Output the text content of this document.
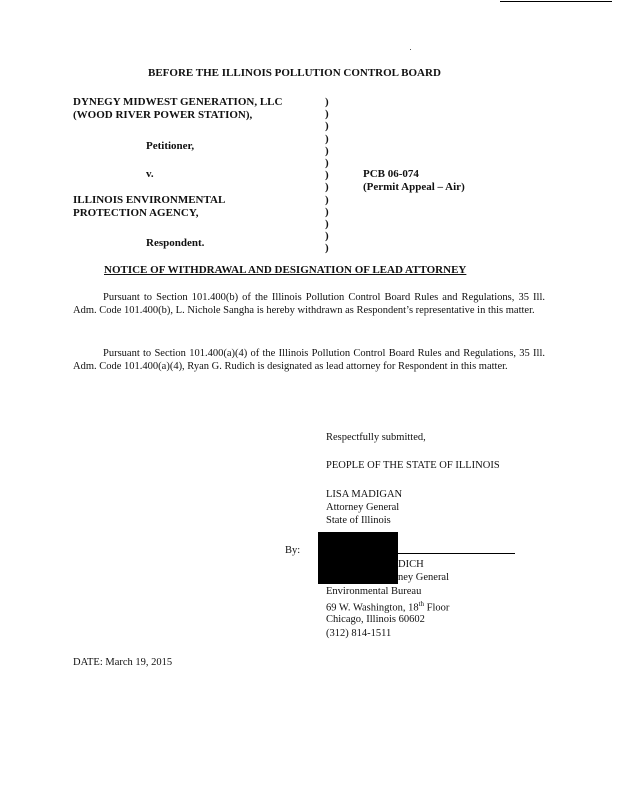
BEFORE THE ILLINOIS POLLUTION CONTROL BOARD
DYNEGY MIDWEST GENERATION, LLC
(WOOD RIVER POWER STATION),
Petitioner,
v.
ILLINOIS ENVIRONMENTAL
PROTECTION AGENCY,
Respondent.
)
)
)
)
)
)
)
)
)
)
)
)
)
PCB 06-074
(Permit Appeal – Air)
NOTICE OF WITHDRAWAL AND DESIGNATION OF LEAD ATTORNEY
Pursuant to Section 101.400(b) of the Illinois Pollution Control Board Rules and Regulations, 35 Ill. Adm. Code 101.400(b), L. Nichole Sangha is hereby withdrawn as Respondent’s representative in this matter.
Pursuant to Section 101.400(a)(4) of the Illinois Pollution Control Board Rules and Regulations, 35 Ill. Adm. Code 101.400(a)(4), Ryan G. Rudich is designated as lead attorney for Respondent in this matter.
Respectfully submitted,
PEOPLE OF THE STATE OF ILLINOIS
LISA MADIGAN
Attorney General
State of Illinois
By:
DICH
ney General
Environmental Bureau
69 W. Washington, 18th Floor
Chicago, Illinois 60602
(312) 814-1511
DATE: March 19, 2015
